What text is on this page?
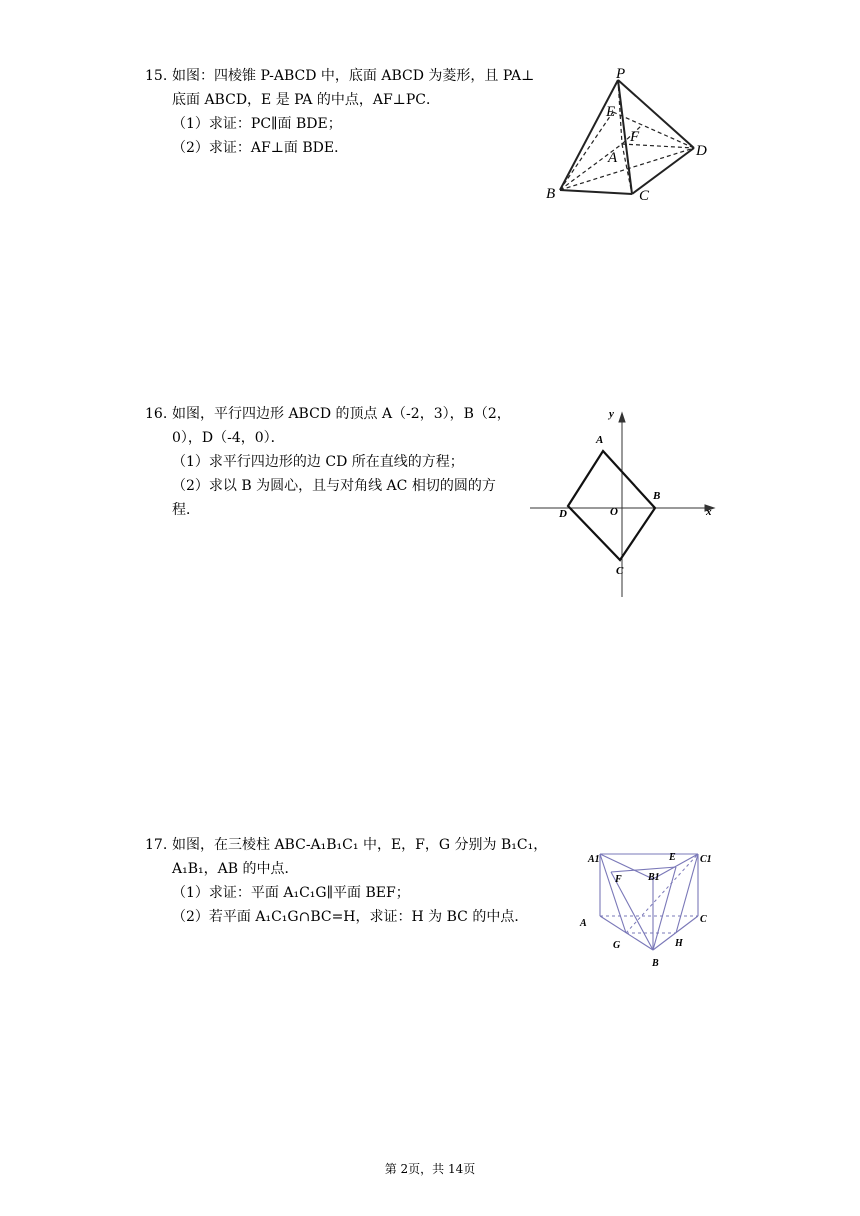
15. 如图：四棱锥 P-ABCD 中，底面 ABCD 为菱形，且 PA⊥
底面 ABCD，E 是 PA 的中点，AF⊥PC．
（1）求证：PC∥面 BDE；
（2）求证：AF⊥面 BDE．
P
E
F
A
B	C
D
16. 如图，平行四边形 ABCD 的顶点 A（-2，3），B（2，
0），D（-4，0）．
（1）求平行四边形的边 CD 所在直线的方程；
（2）求以 B 为圆心，且与对角线 AC 相切的圆的方
程．
y
x
O
A
B
C
D
17. 如图，在三棱柱 ABC-A₁B₁C₁ 中，E，F，G 分别为 B₁C₁，
A₁B₁，AB 的中点．
（1）求证：平面 A₁C₁G∥平面 BEF；
（2）若平面 A₁C₁G∩BC=H，求证：H 为 BC 的中点．
A1	E C1
F	B1
A	C
G	H
B
第 2页，共 14页
